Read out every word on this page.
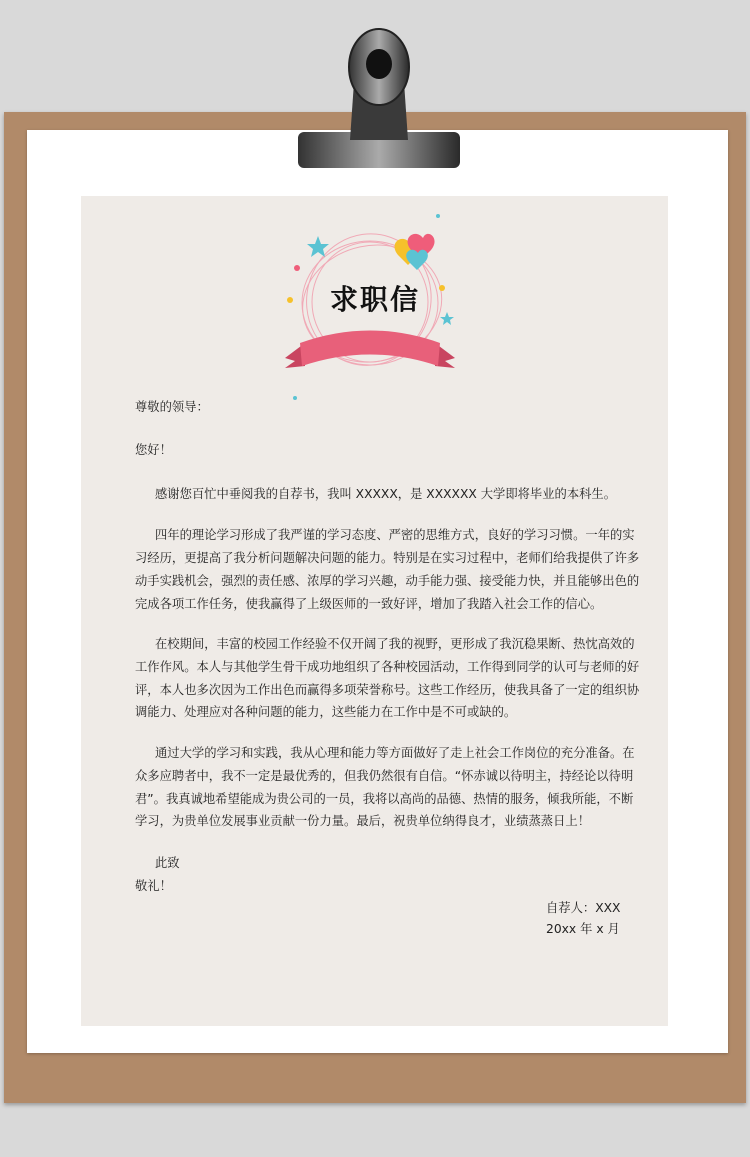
求职信
尊敬的领导：
您好！
感谢您百忙中垂阅我的自荐书，我叫 XXXXX，是 XXXXXX 大学即将毕业的本科生。
四年的理论学习形成了我严谨的学习态度、严密的思维方式，良好的学习习惯。一年的实
习经历，更提高了我分析问题解决问题的能力。特别是在实习过程中，老师们给我提供了许多
动手实践机会，强烈的责任感、浓厚的学习兴趣，动手能力强、接受能力快，并且能够出色的
完成各项工作任务，使我赢得了上级医师的一致好评，增加了我踏入社会工作的信心。
在校期间，丰富的校园工作经验不仅开阔了我的视野，更形成了我沉稳果断、热忱高效的
工作作风。本人与其他学生骨干成功地组织了各种校园活动，工作得到同学的认可与老师的好
评，本人也多次因为工作出色而赢得多项荣誉称号。这些工作经历，使我具备了一定的组织协
调能力、处理应对各种问题的能力，这些能力在工作中是不可或缺的。
通过大学的学习和实践，我从心理和能力等方面做好了走上社会工作岗位的充分准备。在
众多应聘者中，我不一定是最优秀的，但我仍然很有自信。“怀赤诚以待明主，持经论以待明
君”。我真诚地希望能成为贵公司的一员，我将以高尚的品德、热情的服务，倾我所能，不断
学习，为贵单位发展事业贡献一份力量。最后，祝贵单位纳得良才，业绩蒸蒸日上！
此致
敬礼！
自荐人：XXX
20xx 年 x 月
